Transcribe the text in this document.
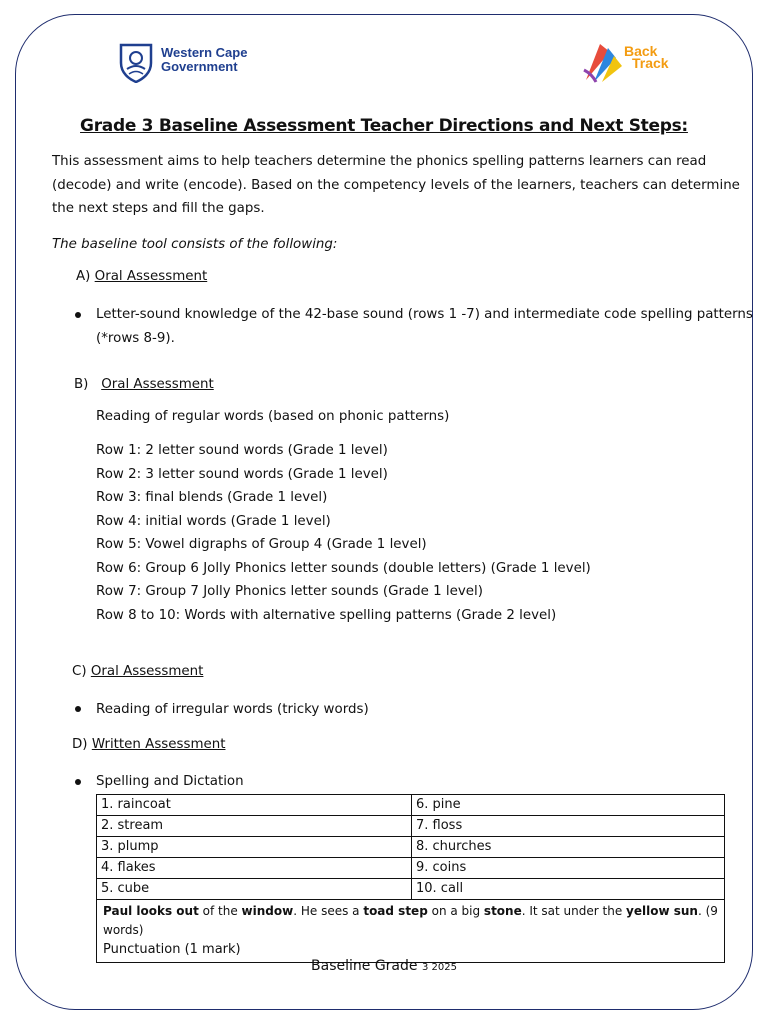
Western Cape
Government
Back
Track
Grade 3 Baseline Assessment Teacher Directions and Next Steps:
This assessment aims to help teachers determine the phonics spelling patterns learners can read
(decode) and write (encode). Based on the competency levels of the learners, teachers can determine
the next steps and fill the gaps.
The baseline tool consists of the following:
A) Oral Assessment
Letter-sound knowledge of the 42-base sound (rows 1 -7) and intermediate code spelling patterns
(*rows 8-9).
B) Oral Assessment
Reading of regular words (based on phonic patterns)
Row 1: 2 letter sound words (Grade 1 level)
Row 2: 3 letter sound words (Grade 1 level)
Row 3: final blends (Grade 1 level)
Row 4: initial words (Grade 1 level)
Row 5: Vowel digraphs of Group 4 (Grade 1 level)
Row 6: Group 6 Jolly Phonics letter sounds (double letters) (Grade 1 level)
Row 7: Group 7 Jolly Phonics letter sounds (Grade 1 level)
Row 8 to 10: Words with alternative spelling patterns (Grade 2 level)
C) Oral Assessment
Reading of irregular words (tricky words)
D) Written Assessment
Spelling and Dictation
1. raincoat	6. pine
2. stream	7. floss
3. plump	8. churches
4. flakes	9. coins
5. cube	10. call

Paul looks out of the window. He sees a toad step on a big stone. It sat under the yellow sun. (9 words)
Punctuation (1 mark)	
Baseline Grade 3 2025
